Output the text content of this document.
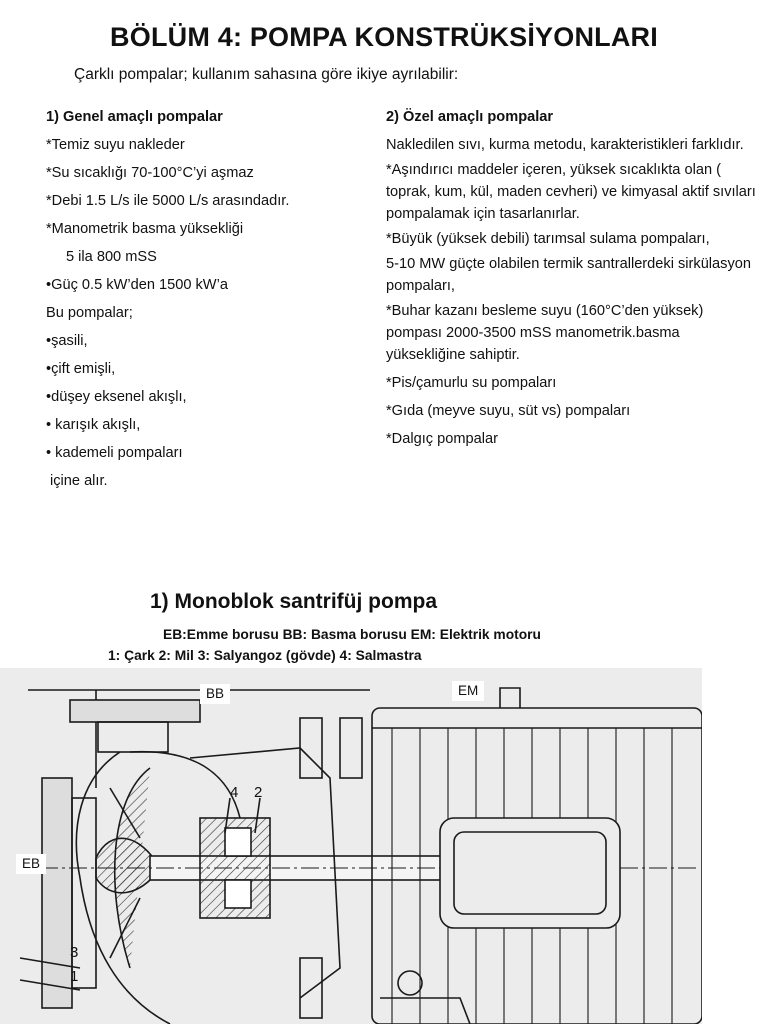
BÖLÜM 4: POMPA KONSTRÜKSİYONLARI
Çarklı pompalar; kullanım sahasına göre ikiye ayrılabilir:
1) Genel amaçlı pompalar
*Temiz suyu nakleder
*Su sıcaklığı 70-100°C’yi aşmaz
*Debi 1.5 L/s ile 5000 L/s arasındadır.
*Manometrik basma yüksekliği
5 ila 800 mSS
•Güç 0.5 kW’den 1500 kW’a
Bu pompalar;
•şasili,
•çift emişli,
•düşey eksenel akışlı,
• karışık akışlı,
• kademeli pompaları
içine alır.
2) Özel amaçlı pompalar
Nakledilen sıvı, kurma metodu, karakteristikleri farklıdır.
*Aşındırıcı maddeler içeren, yüksek sıcaklıkta olan ( toprak, kum, kül, maden cevheri) ve kimyasal aktif sıvıları pompalamak için tasarlanırlar.
*Büyük (yüksek debili) tarımsal sulama pompaları,
5-10 MW güçte olabilen termik santrallerdeki sirkülasyon pompaları,
*Buhar kazanı besleme suyu (160°C’den yüksek) pompası 2000-3500 mSS manometrik.basma yüksekliğine sahiptir.
*Pis/çamurlu su pompaları
*Gıda (meyve suyu, süt vs) pompaları
*Dalgıç pompalar
1) Monoblok santrifüj pompa
EB:Emme borusu BB: Basma borusu EM: Elektrik motoru
1: Çark 2: Mil 3: Salyangoz (gövde) 4: Salmastra
BB	EM
EB
4 2
3
1
